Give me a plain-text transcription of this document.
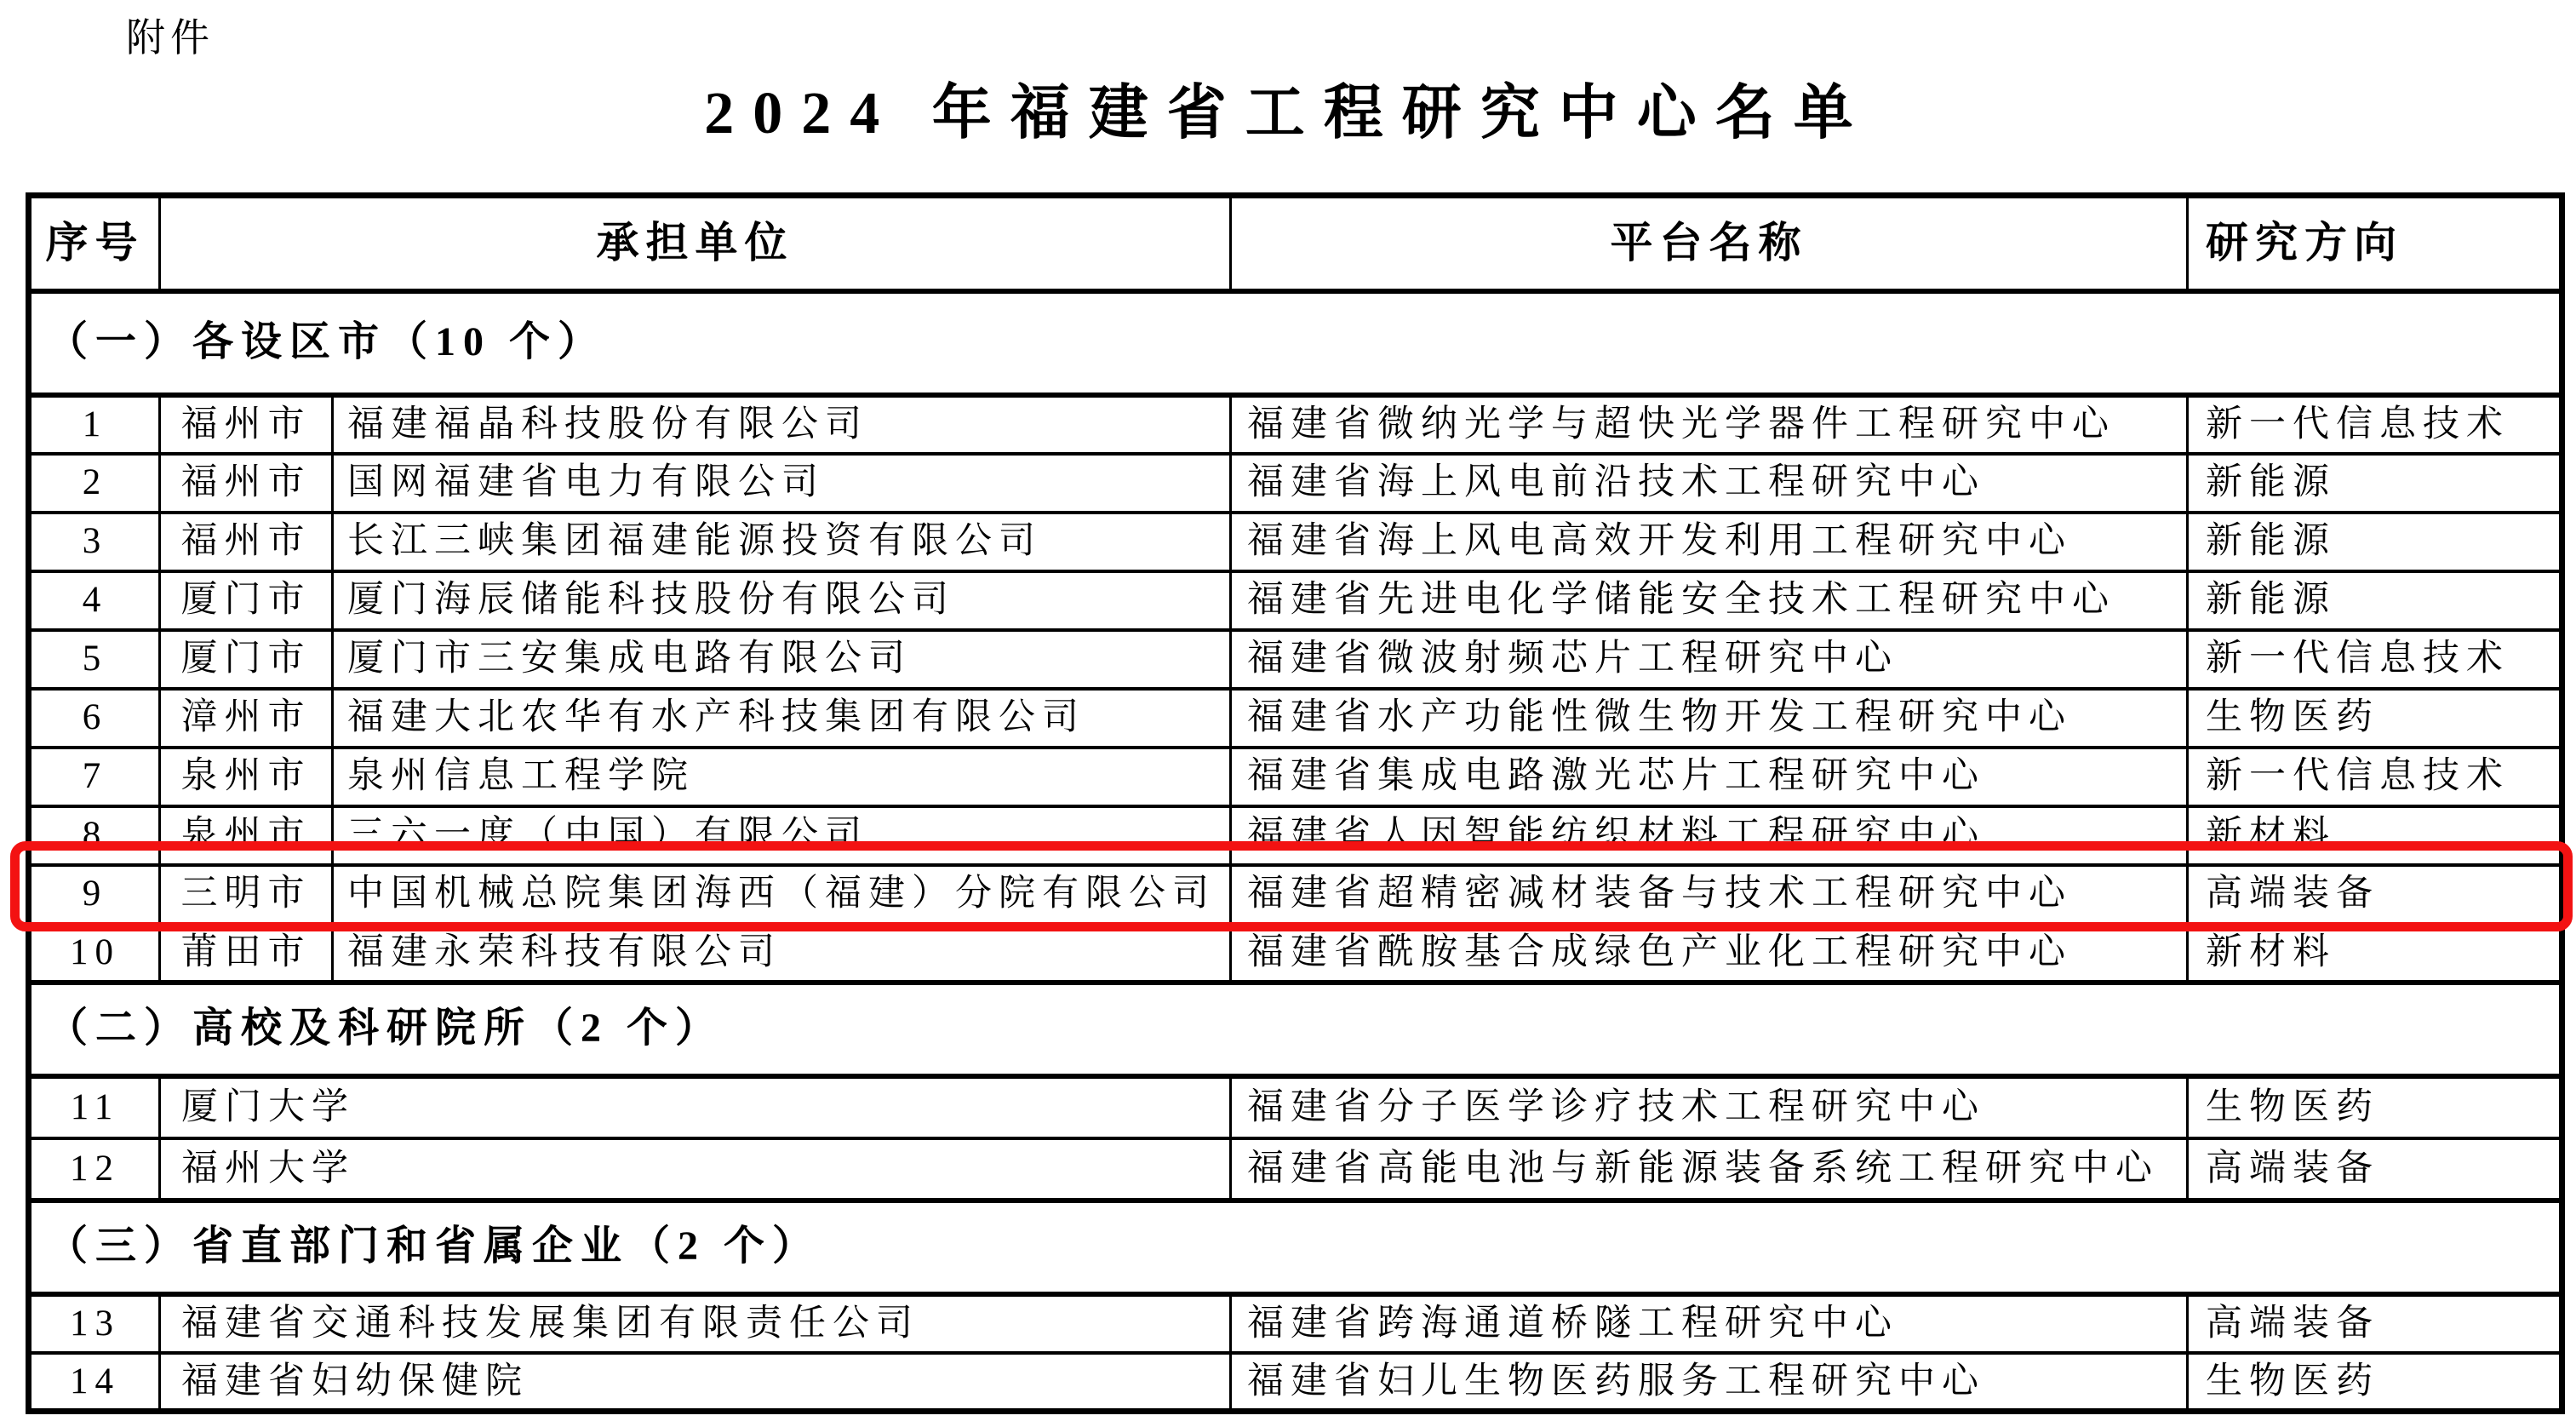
附件
2024 年福建省工程研究中心名单
序号	承担单位		平台名称	研究方向
（一）各设区市（10 个）				
1	福州市	福建福晶科技股份有限公司	福建省微纳光学与超快光学器件工程研究中心	新一代信息技术
2	福州市	国网福建省电力有限公司	福建省海上风电前沿技术工程研究中心	新能源
3	福州市	长江三峡集团福建能源投资有限公司	福建省海上风电高效开发利用工程研究中心	新能源
4	厦门市	厦门海辰储能科技股份有限公司	福建省先进电化学储能安全技术工程研究中心	新能源
5	厦门市	厦门市三安集成电路有限公司	福建省微波射频芯片工程研究中心	新一代信息技术
6	漳州市	福建大北农华有水产科技集团有限公司	福建省水产功能性微生物开发工程研究中心	生物医药
7	泉州市	泉州信息工程学院	福建省集成电路激光芯片工程研究中心	新一代信息技术
8	泉州市	三六一度（中国）有限公司	福建省人因智能纺织材料工程研究中心	新材料
9	三明市	中国机械总院集团海西（福建）分院有限公司	福建省超精密减材装备与技术工程研究中心	高端装备
10	莆田市	福建永荣科技有限公司	福建省酰胺基合成绿色产业化工程研究中心	新材料
（二）高校及科研院所（2 个）				
11	厦门大学		福建省分子医学诊疗技术工程研究中心	生物医药
12	福州大学		福建省高能电池与新能源装备系统工程研究中心	高端装备
（三）省直部门和省属企业（2 个）				
13	福建省交通科技发展集团有限责任公司		福建省跨海通道桥隧工程研究中心	高端装备
14	福建省妇幼保健院		福建省妇儿生物医药服务工程研究中心	生物医药
